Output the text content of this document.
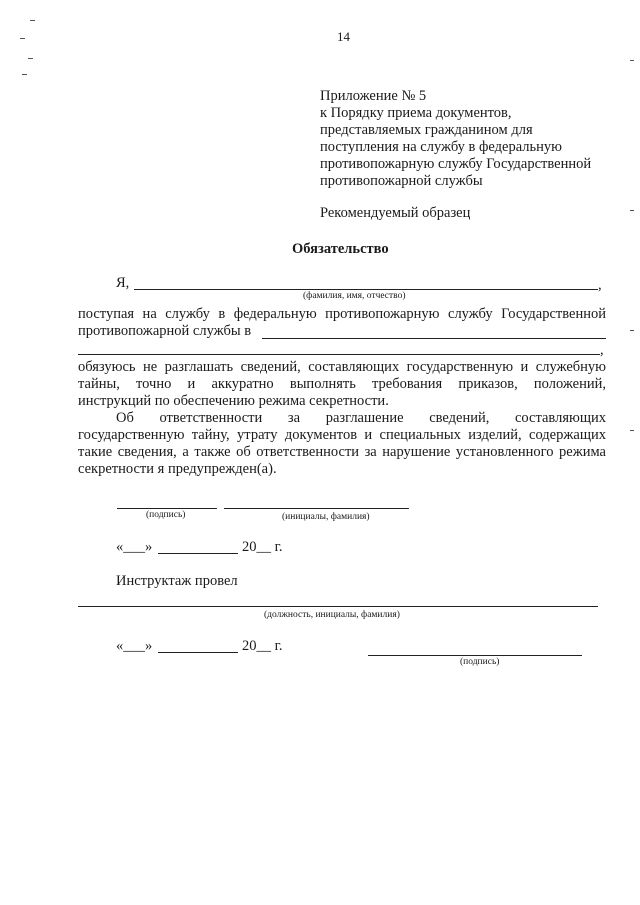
14
Приложение № 5
к Порядку приема документов,
представляемых гражданином для
поступления на службу в федеральную
противопожарную службу Государственной
противопожарной службы
Рекомендуемый образец
Обязательство
Я,	,
(фамилия, имя, отчество)
поступая на службу в федеральную противопожарную службу Государственной
противопожарной службы в
,
обязуюсь не разглашать сведений, составляющих государственную и служебную
тайны, точно и аккуратно выполнять требования приказов, положений,
инструкций по обеспечению режима секретности.
Об ответственности за разглашение сведений, составляющих
государственную тайну, утрату документов и специальных изделий, содержащих
такие сведения, а также об ответственности за нарушение установленного режима
секретности я предупрежден(а).
(подпись)	(инициалы, фамилия)
«___»	20__ г.
Инструктаж провел
(должность, инициалы, фамилия)
«___»	20__ г.
(подпись)
